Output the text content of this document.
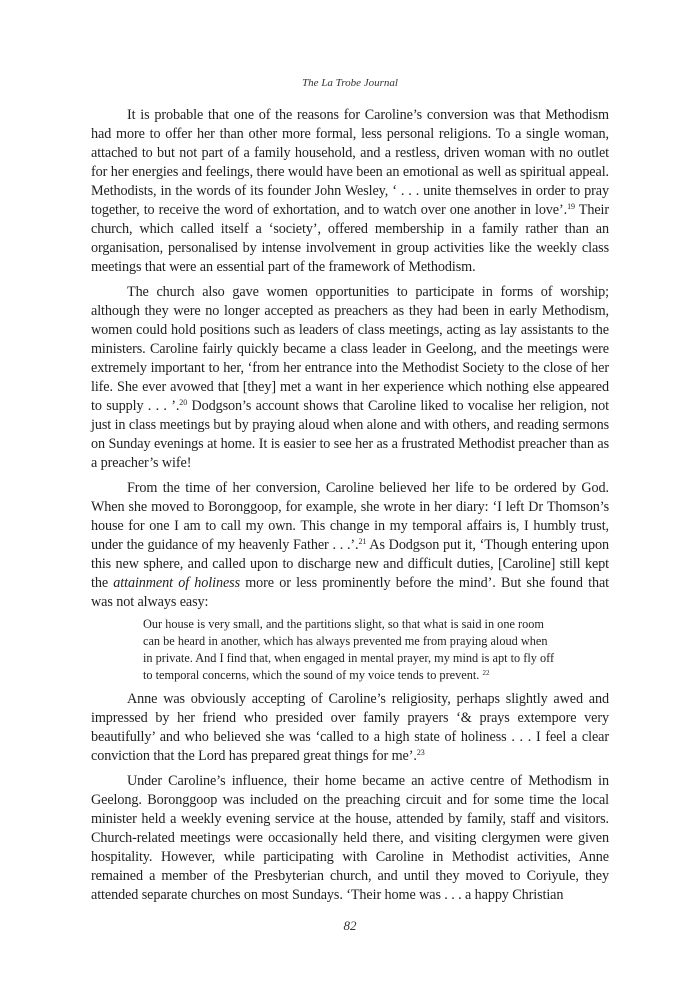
The La Trobe Journal

It is probable that one of the reasons for Caroline’s conversion was that Methodism had more to offer her than other more formal, less personal religions. To a single woman, attached to but not part of a family household, and a restless, driven woman with no outlet for her energies and feelings, there would have been an emotional as well as spiritual appeal. Methodists, in the words of its founder John Wesley, ‘ . . . unite themselves in order to pray together, to receive the word of exhortation, and to watch over one another in love’.$^{19}$ Their church, which called itself a ‘society’, offered membership in a family rather than an organisation, personalised by intense involvement in group activities like the weekly class meetings that were an essential part of the framework of Methodism.

The church also gave women opportunities to participate in forms of worship; although they were no longer accepted as preachers as they had been in early Methodism, women could hold positions such as leaders of class meetings, acting as lay assistants to the ministers. Caroline fairly quickly became a class leader in Geelong, and the meetings were extremely important to her, ‘from her entrance into the Methodist Society to the close of her life. She ever avowed that [they] met a want in her experience which nothing else appeared to supply . . . ’.$^{20}$ Dodgson’s account shows that Caroline liked to vocalise her religion, not just in class meetings but by praying aloud when alone and with others, and reading sermons on Sunday evenings at home. It is easier to see her as a frustrated Methodist preacher than as a preacher’s wife!

From the time of her conversion, Caroline believed her life to be ordered by God. When she moved to Boronggoop, for example, she wrote in her diary: ‘I left Dr Thomson’s house for one I am to call my own. This change in my temporal affairs is, I humbly trust, under the guidance of my heavenly Father . . .’.$^{21}$ As Dodgson put it, ‘Though entering upon this new sphere, and called upon to discharge new and difficult duties, [Caroline] still kept the attainment of holiness more or less prominently before the mind’. But she found that was not always easy:

Our house is very small, and the partitions slight, so that what is said in one room can be heard in another, which has always prevented me from praying aloud when in private. And I find that, when engaged in mental prayer, my mind is apt to fly off to temporal concerns, which the sound of my voice tends to prevent. $^{22}$

Anne was obviously accepting of Caroline’s religiosity, perhaps slightly awed and impressed by her friend who presided over family prayers ‘& prays extempore very beautifully’ and who believed she was ‘called to a high state of holiness . . . I feel a clear conviction that the Lord has prepared great things for me’.$^{23}$

Under Caroline’s influence, their home became an active centre of Methodism in Geelong. Boronggoop was included on the preaching circuit and for some time the local minister held a weekly evening service at the house, attended by family, staff and visitors. Church-related meetings were occasionally held there, and visiting clergymen were given hospitality. However, while participating with Caroline in Methodist activities, Anne remained a member of the Presbyterian church, and until they moved to Coriyule, they attended separate churches on most Sundays. ‘Their home was . . . a happy Christian

82
